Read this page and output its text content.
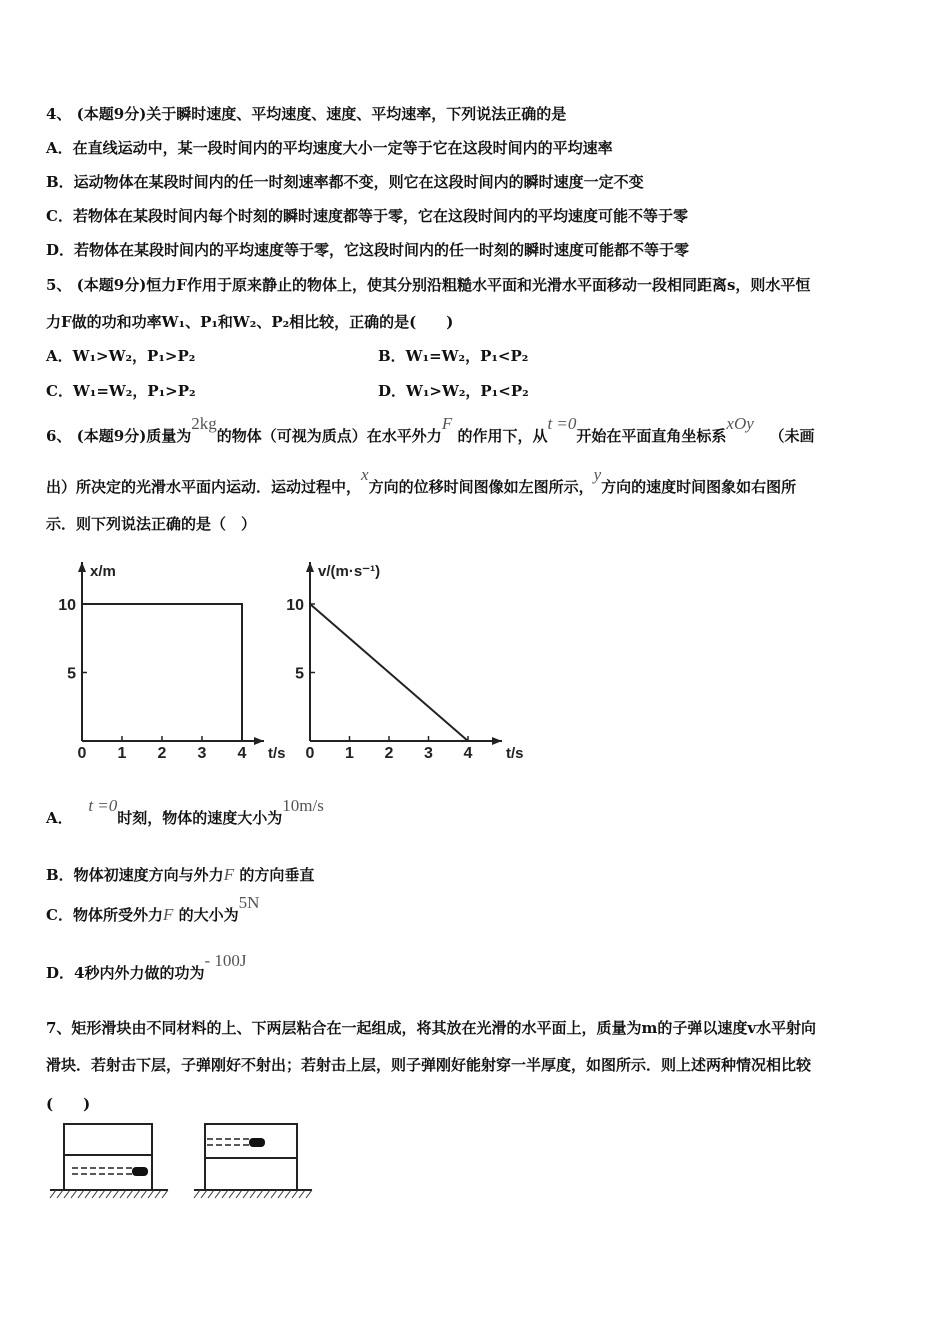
4、 (本题9分)关于瞬时速度、平均速度、速度、平均速率，下列说法正确的是
A．在直线运动中，某一段时间内的平均速度大小一定等于它在这段时间内的平均速率
B．运动物体在某段时间内的任一时刻速率都不变，则它在这段时间内的瞬时速度一定不变
C．若物体在某段时间内每个时刻的瞬时速度都等于零，它在这段时间内的平均速度可能不等于零
D．若物体在某段时间内的平均速度等于零，它这段时间内的任一时刻的瞬时速度可能都不等于零
5、 (本题9分)恒力F作用于原来静止的物体上，使其分别沿粗糙水平面和光滑水平面移动一段相同距离s，则水平恒
力F做的功和功率W₁、P₁和W₂、P₂相比较，正确的是(　　)
A．W₁>W₂，P₁>P₂	B．W₁=W₂，P₁<P₂
C．W₁=W₂，P₁>P₂	D．W₁>W₂，P₁<P₂
6、 (本题9分)质量为2kg的物体（可视为质点）在水平外力F 的作用下，从t =0开始在平面直角坐标系xOy   （未画
出）所决定的光滑水平面内运动．运动过程中，x方向的位移时间图像如左图所示，y方向的速度时间图象如右图所
示．则下列说法正确的是（　）
0 1 2 3 4
5
10
x/m
t/s 0 1 2 3 4
5
10
v/(m·s⁻¹)
t/s
A．   t =0时刻，物体的速度大小为10m/s
B．物体初速度方向与外力F 的方向垂直
C．物体所受外力F 的大小为5N
D．4秒内外力做的功为- 100J
7、矩形滑块由不同材料的上、下两层粘合在一起组成，将其放在光滑的水平面上，质量为m的子弹以速度v水平射向
滑块．若射击下层，子弹刚好不射出；若射击上层，则子弹刚好能射穿一半厚度，如图所示．则上述两种情况相比较
(　　)
